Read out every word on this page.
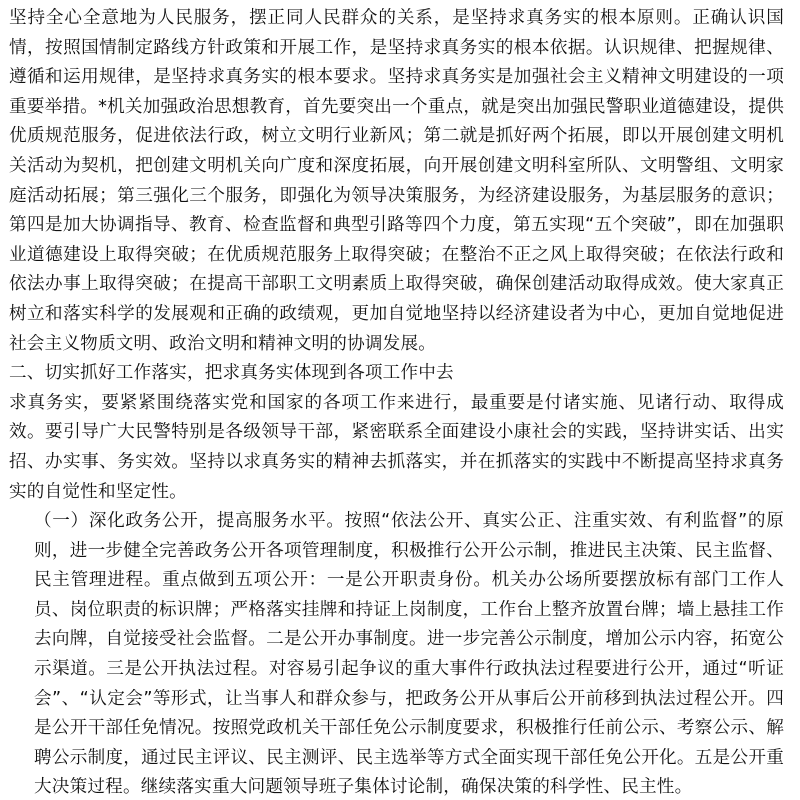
坚持全心全意地为人民服务，摆正同人民群众的关系，是坚持求真务实的根本原则。正确认识国情，按照国情制定路线方针政策和开展工作，是坚持求真务实的根本依据。认识规律、把握规律、遵循和运用规律，是坚持求真务实的根本要求。坚持求真务实是加强社会主义精神文明建设的一项重要举措。*机关加强政治思想教育，首先要突出一个重点，就是突出加强民警职业道德建设，提供优质规范服务，促进依法行政，树立文明行业新风；第二就是抓好两个拓展，即以开展创建文明机关活动为契机，把创建文明机关向广度和深度拓展，向开展创建文明科室所队、文明警组、文明家庭活动拓展；第三强化三个服务，即强化为领导决策服务，为经济建设服务，为基层服务的意识；第四是加大协调指导、教育、检查监督和典型引路等四个力度，第五实现“五个突破”，即在加强职业道德建设上取得突破；在优质规范服务上取得突破；在整治不正之风上取得突破；在依法行政和依法办事上取得突破；在提高干部职工文明素质上取得突破，确保创建活动取得成效。使大家真正树立和落实科学的发展观和正确的政绩观，更加自觉地坚持以经济建设者为中心，更加自觉地促进社会主义物质文明、政治文明和精神文明的协调发展。

二、切实抓好工作落实，把求真务实体现到各项工作中去

求真务实，要紧紧围绕落实党和国家的各项工作来进行，最重要是付诸实施、见诸行动、取得成效。要引导广大民警特别是各级领导干部，紧密联系全面建设小康社会的实践，坚持讲实话、出实招、办实事、务实效。坚持以求真务实的精神去抓落实，并在抓落实的实践中不断提高坚持求真务实的自觉性和坚定性。

（一）深化政务公开，提高服务水平。按照“依法公开、真实公正、注重实效、有利监督”的原则，进一步健全完善政务公开各项管理制度，积极推行公开公示制，推进民主决策、民主监督、民主管理进程。重点做到五项公开：一是公开职责身份。机关办公场所要摆放标有部门工作人员、岗位职责的标识牌；严格落实挂牌和持证上岗制度，工作台上整齐放置台牌；墙上悬挂工作去向牌，自觉接受社会监督。二是公开办事制度。进一步完善公示制度，增加公示内容，拓宽公示渠道。三是公开执法过程。对容易引起争议的重大事件行政执法过程要进行公开，通过“听证会”、“认定会”等形式，让当事人和群众参与，把政务公开从事后公开前移到执法过程公开。四是公开干部任免情况。按照党政机关干部任免公示制度要求，积极推行任前公示、考察公示、解聘公示制度，通过民主评议、民主测评、民主选举等方式全面实现干部任免公开化。五是公开重大决策过程。继续落实重大问题领导班子集体讨论制，确保决策的科学性、民主性。
